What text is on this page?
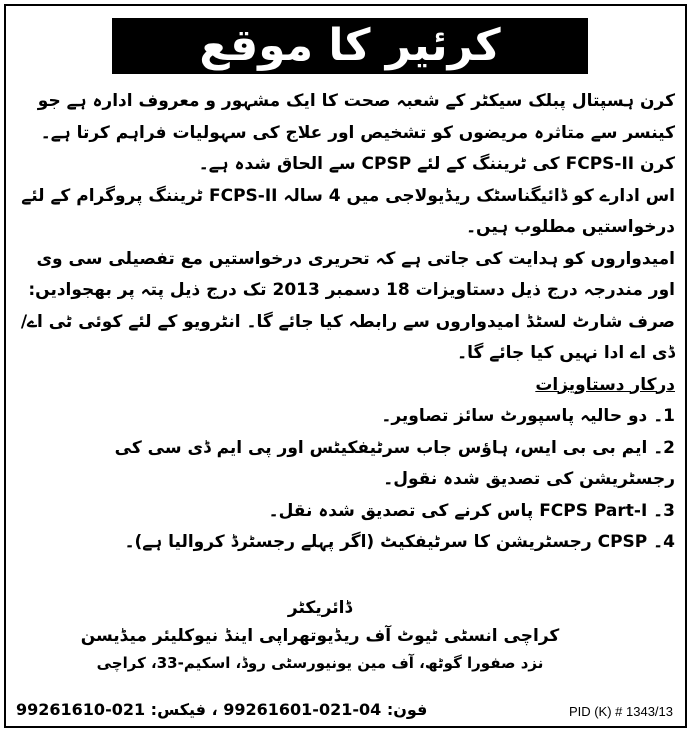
کرئیر کا موقع

کرن ہسپتال پبلک سیکٹر کے شعبہ صحت کا ایک مشہور و معروف ادارہ ہے جو کینسر سے متاثرہ مریضوں کو تشخیص اور علاج کی سہولیات فراہم کرتا ہے۔ کرن FCPS-II کی ٹریننگ کے لئے CPSP سے الحاق شدہ ہے۔

اس ادارے کو ڈائیگناسٹک ریڈیولاجی میں 4 سالہ FCPS-II ٹریننگ پروگرام کے لئے درخواستیں مطلوب ہیں۔

امیدواروں کو ہدایت کی جاتی ہے کہ تحریری درخواستیں مع تفصیلی سی وی اور مندرجہ درج ذیل دستاویزات 18 دسمبر 2013 تک درج ذیل پتہ پر بھجوادیں:

صرف شارٹ لسٹڈ امیدواروں سے رابطہ کیا جائے گا۔ انٹرویو کے لئے کوئی ٹی اے/ڈی اے ادا نہیں کیا جائے گا۔

درکار دستاویزات

1۔ دو حالیہ پاسپورٹ سائز تصاویر۔
2۔ ایم بی بی ایس، ہاؤس جاب سرٹیفکیٹس اور پی ایم ڈی سی کی رجسٹریشن کی تصدیق شدہ نقول۔
3۔ FCPS Part-I پاس کرنے کی تصدیق شدہ نقل۔
4۔ CPSP رجسٹریشن کا سرٹیفکیٹ (اگر پہلے رجسٹرڈ کروالیا ہے)۔
ڈائریکٹر
کراچی انسٹی ٹیوٹ آف ریڈیوتھراپی اینڈ نیوکلیئر میڈیسن
نزد صفورا گوٹھ، آف مین یونیورسٹی روڈ، اسکیم-33، کراچی
فون: 04-021-99261601 ، فیکس: 021-99261610	PID (K) # 1343/13
